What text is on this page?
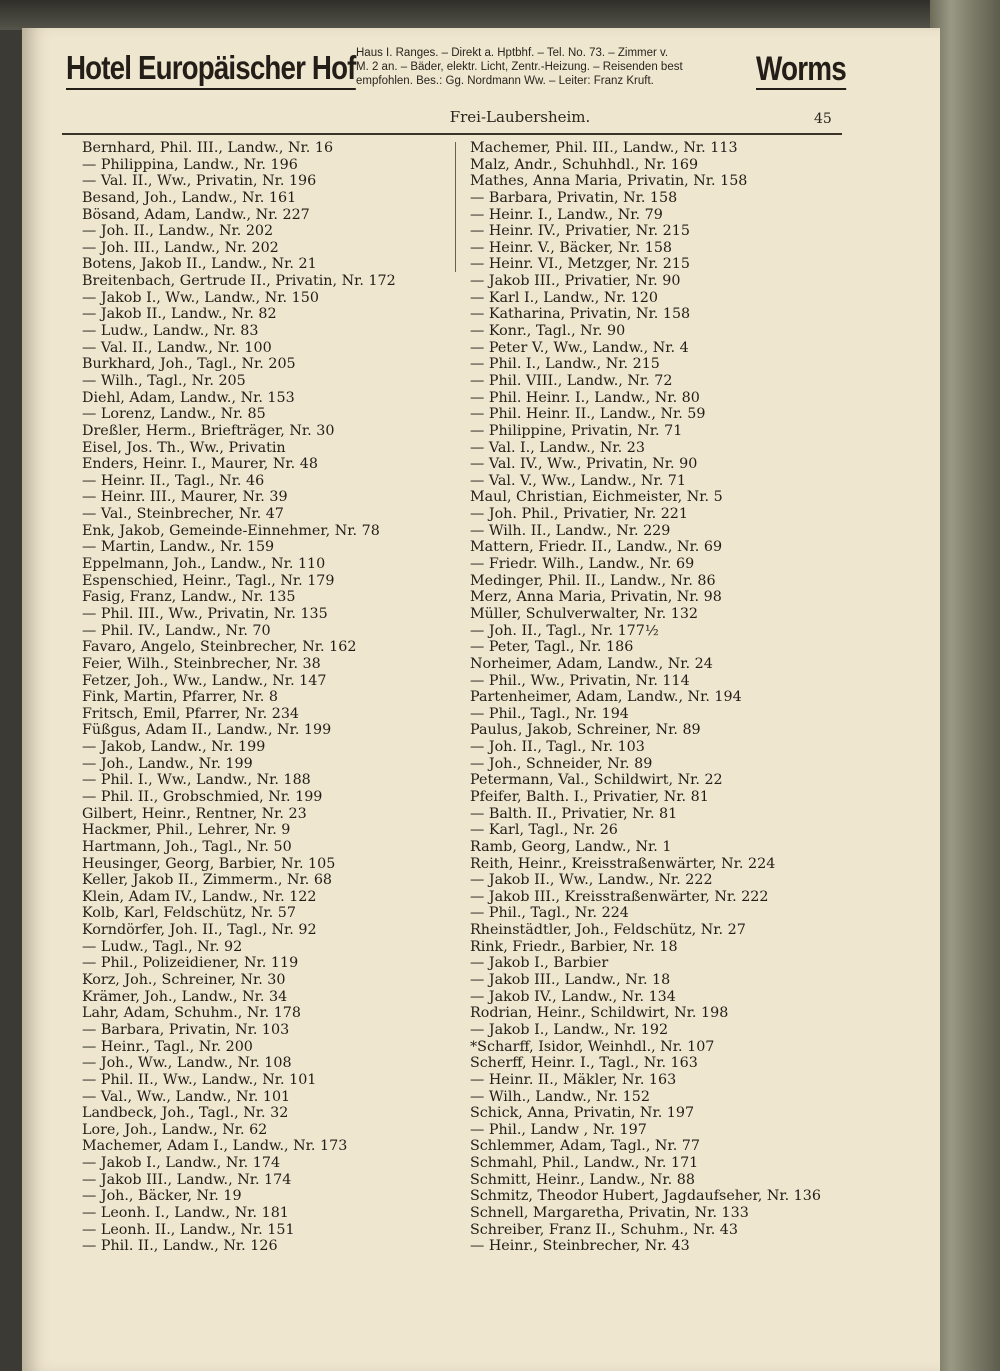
Hotel Europäischer Hof Haus I. Ranges. – Direkt a. Hptbhf. – Tel. No. 73. – Zimmer v.
M. 2 an. – Bäder, elektr. Licht, Zentr.-Heizung. – Reisenden best
empfohlen. Bes.: Gg. Nordmann Ww. – Leiter: Franz Kruft.	Worms
Frei-Laubersheim.	45
Bernhard, Phil. III., Landw., Nr. 16
— Philippina, Landw., Nr. 196
— Val. II., Ww., Privatin, Nr. 196
Besand, Joh., Landw., Nr. 161
Bösand, Adam, Landw., Nr. 227
— Joh. II., Landw., Nr. 202
— Joh. III., Landw., Nr. 202
Botens, Jakob II., Landw., Nr. 21
Breitenbach, Gertrude II., Privatin, Nr. 172
— Jakob I., Ww., Landw., Nr. 150
— Jakob II., Landw., Nr. 82
— Ludw., Landw., Nr. 83
— Val. II., Landw., Nr. 100
Burkhard, Joh., Tagl., Nr. 205
— Wilh., Tagl., Nr. 205
Diehl, Adam, Landw., Nr. 153
— Lorenz, Landw., Nr. 85
Dreßler, Herm., Briefträger, Nr. 30
Eisel, Jos. Th., Ww., Privatin
Enders, Heinr. I., Maurer, Nr. 48
— Heinr. II., Tagl., Nr. 46
— Heinr. III., Maurer, Nr. 39
— Val., Steinbrecher, Nr. 47
Enk, Jakob, Gemeinde-Einnehmer, Nr. 78
— Martin, Landw., Nr. 159
Eppelmann, Joh., Landw., Nr. 110
Espenschied, Heinr., Tagl., Nr. 179
Fasig, Franz, Landw., Nr. 135
— Phil. III., Ww., Privatin, Nr. 135
— Phil. IV., Landw., Nr. 70
Favaro, Angelo, Steinbrecher, Nr. 162
Feier, Wilh., Steinbrecher, Nr. 38
Fetzer, Joh., Ww., Landw., Nr. 147
Fink, Martin, Pfarrer, Nr. 8
Fritsch, Emil, Pfarrer, Nr. 234
Füßgus, Adam II., Landw., Nr. 199
— Jakob, Landw., Nr. 199
— Joh., Landw., Nr. 199
— Phil. I., Ww., Landw., Nr. 188
— Phil. II., Grobschmied, Nr. 199
Gilbert, Heinr., Rentner, Nr. 23
Hackmer, Phil., Lehrer, Nr. 9
Hartmann, Joh., Tagl., Nr. 50
Heusinger, Georg, Barbier, Nr. 105
Keller, Jakob II., Zimmerm., Nr. 68
Klein, Adam IV., Landw., Nr. 122
Kolb, Karl, Feldschütz, Nr. 57
Korndörfer, Joh. II., Tagl., Nr. 92
— Ludw., Tagl., Nr. 92
— Phil., Polizeidiener, Nr. 119
Korz, Joh., Schreiner, Nr. 30
Krämer, Joh., Landw., Nr. 34
Lahr, Adam, Schuhm., Nr. 178
— Barbara, Privatin, Nr. 103
— Heinr., Tagl., Nr. 200
— Joh., Ww., Landw., Nr. 108
— Phil. II., Ww., Landw., Nr. 101
— Val., Ww., Landw., Nr. 101
Landbeck, Joh., Tagl., Nr. 32
Lore, Joh., Landw., Nr. 62
Machemer, Adam I., Landw., Nr. 173
— Jakob I., Landw., Nr. 174
— Jakob III., Landw., Nr. 174
— Joh., Bäcker, Nr. 19
— Leonh. I., Landw., Nr. 181
— Leonh. II., Landw., Nr. 151
— Phil. II., Landw., Nr. 126
Machemer, Phil. III., Landw., Nr. 113
Malz, Andr., Schuhhdl., Nr. 169
Mathes, Anna Maria, Privatin, Nr. 158
— Barbara, Privatin, Nr. 158
— Heinr. I., Landw., Nr. 79
— Heinr. IV., Privatier, Nr. 215
— Heinr. V., Bäcker, Nr. 158
— Heinr. VI., Metzger, Nr. 215
— Jakob III., Privatier, Nr. 90
— Karl I., Landw., Nr. 120
— Katharina, Privatin, Nr. 158
— Konr., Tagl., Nr. 90
— Peter V., Ww., Landw., Nr. 4
— Phil. I., Landw., Nr. 215
— Phil. VIII., Landw., Nr. 72
— Phil. Heinr. I., Landw., Nr. 80
— Phil. Heinr. II., Landw., Nr. 59
— Philippine, Privatin, Nr. 71
— Val. I., Landw., Nr. 23
— Val. IV., Ww., Privatin, Nr. 90
— Val. V., Ww., Landw., Nr. 71
Maul, Christian, Eichmeister, Nr. 5
— Joh. Phil., Privatier, Nr. 221
— Wilh. II., Landw., Nr. 229
Mattern, Friedr. II., Landw., Nr. 69
— Friedr. Wilh., Landw., Nr. 69
Medinger, Phil. II., Landw., Nr. 86
Merz, Anna Maria, Privatin, Nr. 98
Müller, Schulverwalter, Nr. 132
— Joh. II., Tagl., Nr. 177½
— Peter, Tagl., Nr. 186
Norheimer, Adam, Landw., Nr. 24
— Phil., Ww., Privatin, Nr. 114
Partenheimer, Adam, Landw., Nr. 194
— Phil., Tagl., Nr. 194
Paulus, Jakob, Schreiner, Nr. 89
— Joh. II., Tagl., Nr. 103
— Joh., Schneider, Nr. 89
Petermann, Val., Schildwirt, Nr. 22
Pfeifer, Balth. I., Privatier, Nr. 81
— Balth. II., Privatier, Nr. 81
— Karl, Tagl., Nr. 26
Ramb, Georg, Landw., Nr. 1
Reith, Heinr., Kreisstraßenwärter, Nr. 224
— Jakob II., Ww., Landw., Nr. 222
— Jakob III., Kreisstraßenwärter, Nr. 222
— Phil., Tagl., Nr. 224
Rheinstädtler, Joh., Feldschütz, Nr. 27
Rink, Friedr., Barbier, Nr. 18
— Jakob I., Barbier
— Jakob III., Landw., Nr. 18
— Jakob IV., Landw., Nr. 134
Rodrian, Heinr., Schildwirt, Nr. 198
— Jakob I., Landw., Nr. 192
*Scharff, Isidor, Weinhdl., Nr. 107
Scherff, Heinr. I., Tagl., Nr. 163
— Heinr. II., Mäkler, Nr. 163
— Wilh., Landw., Nr. 152
Schick, Anna, Privatin, Nr. 197
— Phil., Landw , Nr. 197
Schlemmer, Adam, Tagl., Nr. 77
Schmahl, Phil., Landw., Nr. 171
Schmitt, Heinr., Landw., Nr. 88
Schmitz, Theodor Hubert, Jagdaufseher, Nr. 136
Schnell, Margaretha, Privatin, Nr. 133
Schreiber, Franz II., Schuhm., Nr. 43
— Heinr., Steinbrecher, Nr. 43
